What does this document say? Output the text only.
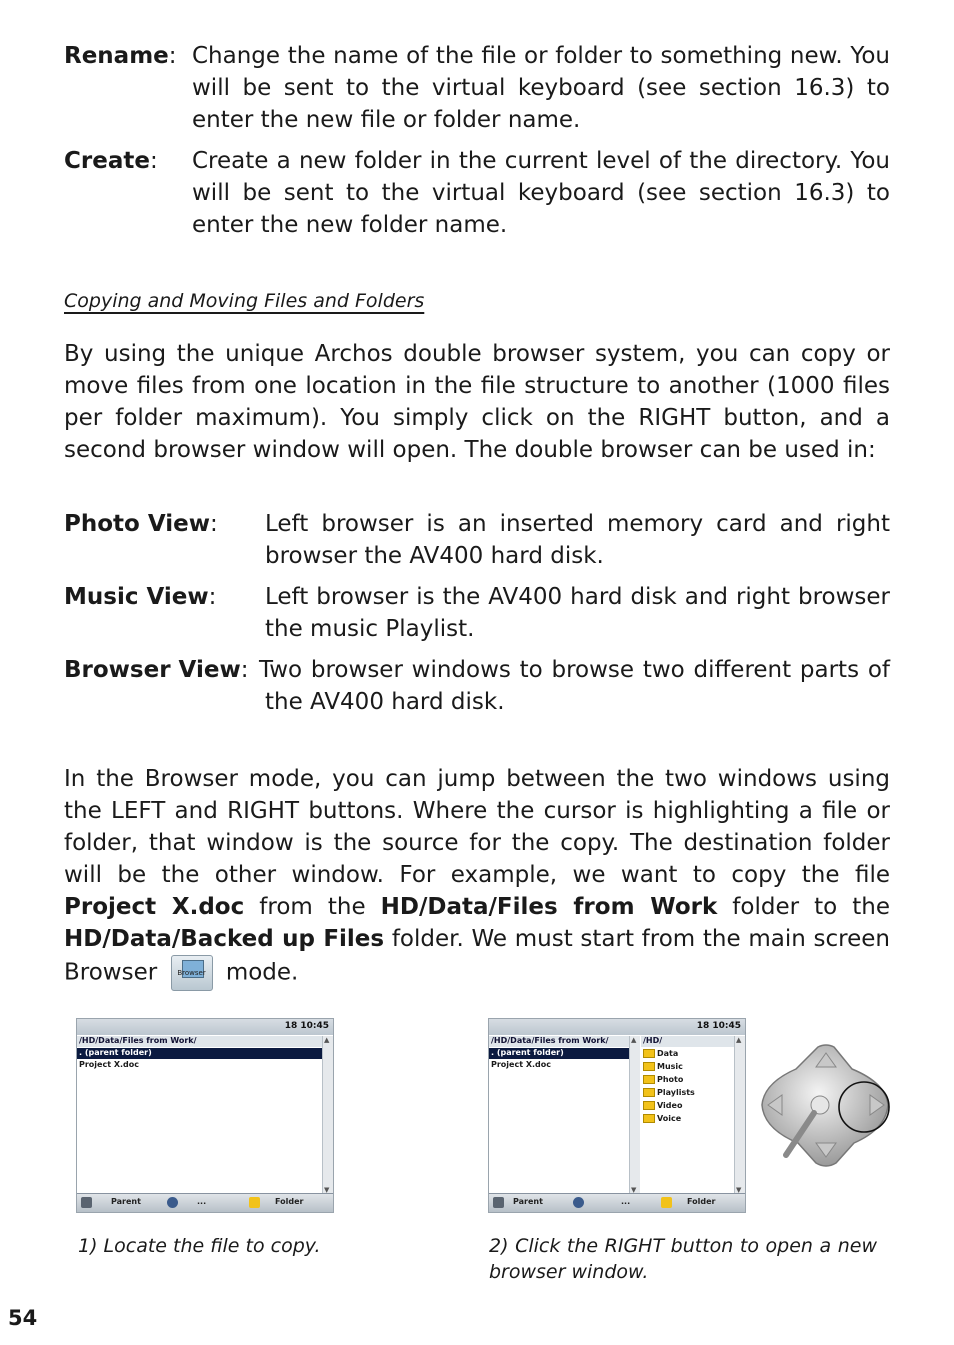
Rename: Change the name of the file or folder to something new. You will be sent to the virtual keyboard (see section 16.3) to enter the new file or folder name.
Create: Create a new folder in the current level of the directory. You will be sent to the virtual keyboard (see section 16.3) to enter the new folder name.
Copying and Moving Files and Folders
By using the unique Archos double browser system, you can copy or move files from one location in the file structure to another (1000 files per folder maximum). You simply click on the RIGHT button, and a second browser window will open. The double browser can be used in:
Photo View: Left browser is an inserted memory card and right browser the AV400 hard disk.
Music View: Left browser is the AV400 hard disk and right browser the music Playlist.
Browser View: Two browser windows to browse two different parts of the AV400 hard disk.
In the Browser mode, you can jump between the two windows using the LEFT and RIGHT buttons. Where the cursor is highlighting a file or folder, that window is the source for the copy. The destination folder will be the other window. For example, we want to copy the file Project X.doc from the HD/Data/Files from Work folder to the HD/Data/Backed up Files folder. We must start from the main screen Browser	Browser mode.
18 10:45
/HD/Data/Files from Work/
. (parent folder)
Project X.doc
▲ ▼
Parent	...	Folder
18 10:45
/HD/Data/Files from Work/
. (parent folder)
Project X.doc
▲ ▼
/HD/
Data
Music
Photo
Playlists
Video
Voice
▲ ▼
Parent	...	Folder
1) Locate the file to copy.	2) Click the RIGHT button to open a new browser window.
54
